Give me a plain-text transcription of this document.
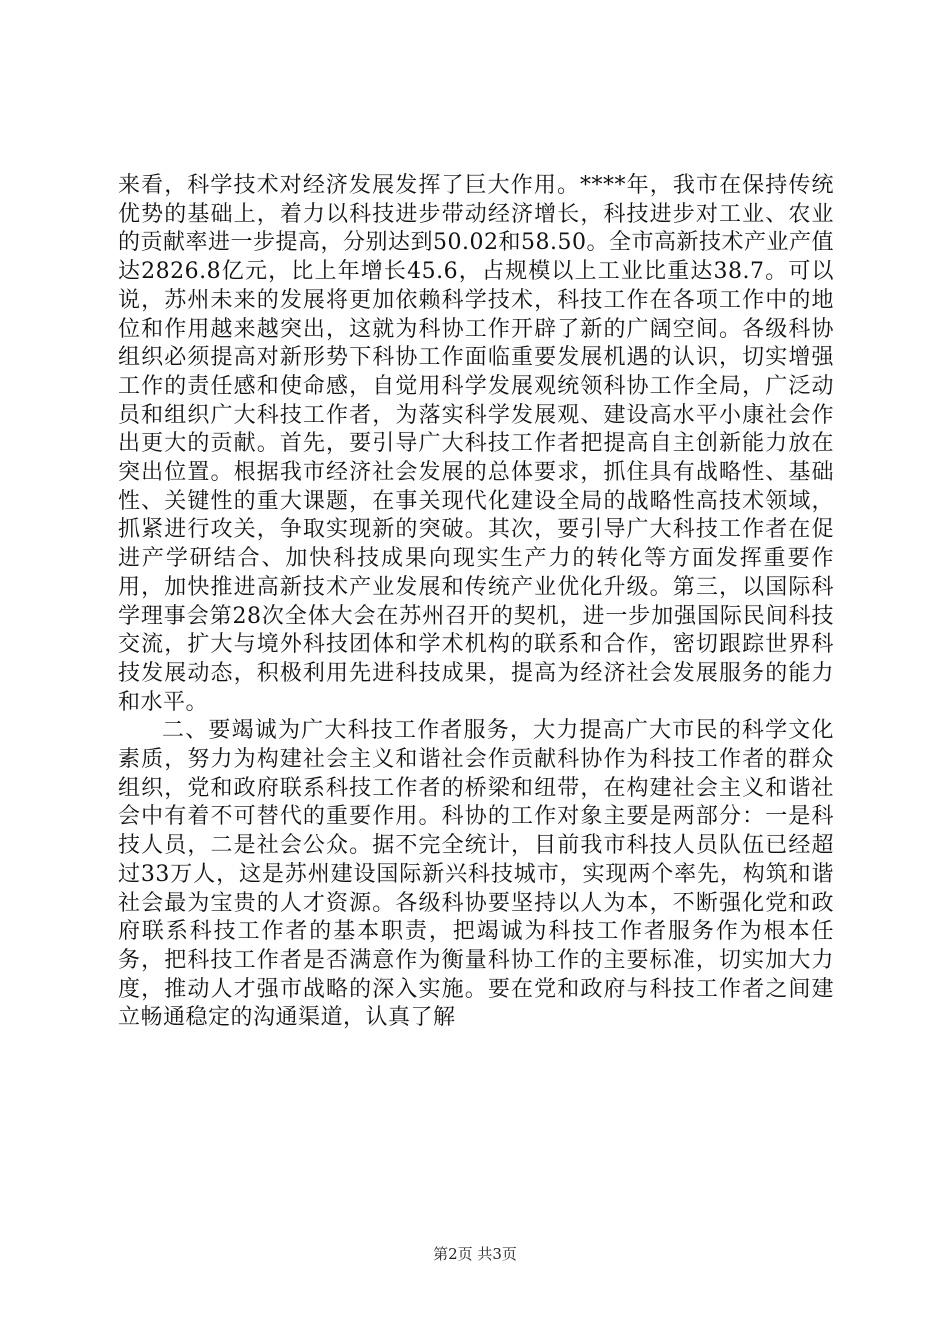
来看，科学技术对经济发展发挥了巨大作用。****年，我市在保持传统优势的基础上，着力以科技进步带动经济增长，科技进步对工业、农业的贡献率进一步提高，分别达到50.02和58.50。全市高新技术产业产值达2826.8亿元，比上年增长45.6，占规模以上工业比重达38.7。可以说，苏州未来的发展将更加依赖科学技术，科技工作在各项工作中的地位和作用越来越突出，这就为科协工作开辟了新的广阔空间。各级科协组织必须提高对新形势下科协工作面临重要发展机遇的认识，切实增强工作的责任感和使命感，自觉用科学发展观统领科协工作全局，广泛动员和组织广大科技工作者，为落实科学发展观、建设高水平小康社会作出更大的贡献。首先，要引导广大科技工作者把提高自主创新能力放在突出位置。根据我市经济社会发展的总体要求，抓住具有战略性、基础性、关键性的重大课题，在事关现代化建设全局的战略性高技术领域，抓紧进行攻关，争取实现新的突破。其次，要引导广大科技工作者在促进产学研结合、加快科技成果向现实生产力的转化等方面发挥重要作用，加快推进高新技术产业发展和传统产业优化升级。第三，以国际科学理事会第28次全体大会在苏州召开的契机，进一步加强国际民间科技交流，扩大与境外科技团体和学术机构的联系和合作，密切跟踪世界科技发展动态，积极利用先进科技成果，提高为经济社会发展服务的能力和水平。

二、要竭诚为广大科技工作者服务，大力提高广大市民的科学文化素质，努力为构建社会主义和谐社会作贡献科协作为科技工作者的群众组织，党和政府联系科技工作者的桥梁和纽带，在构建社会主义和谐社会中有着不可替代的重要作用。科协的工作对象主要是两部分：一是科技人员，二是社会公众。据不完全统计，目前我市科技人员队伍已经超过33万人，这是苏州建设国际新兴科技城市，实现两个率先，构筑和谐社会最为宝贵的人才资源。各级科协要坚持以人为本，不断强化党和政府联系科技工作者的基本职责，把竭诚为科技工作者服务作为根本任务，把科技工作者是否满意作为衡量科协工作的主要标准，切实加大力度，推动人才强市战略的深入实施。要在党和政府与科技工作者之间建立畅通稳定的沟通渠道，认真了解

第2页 共3页
